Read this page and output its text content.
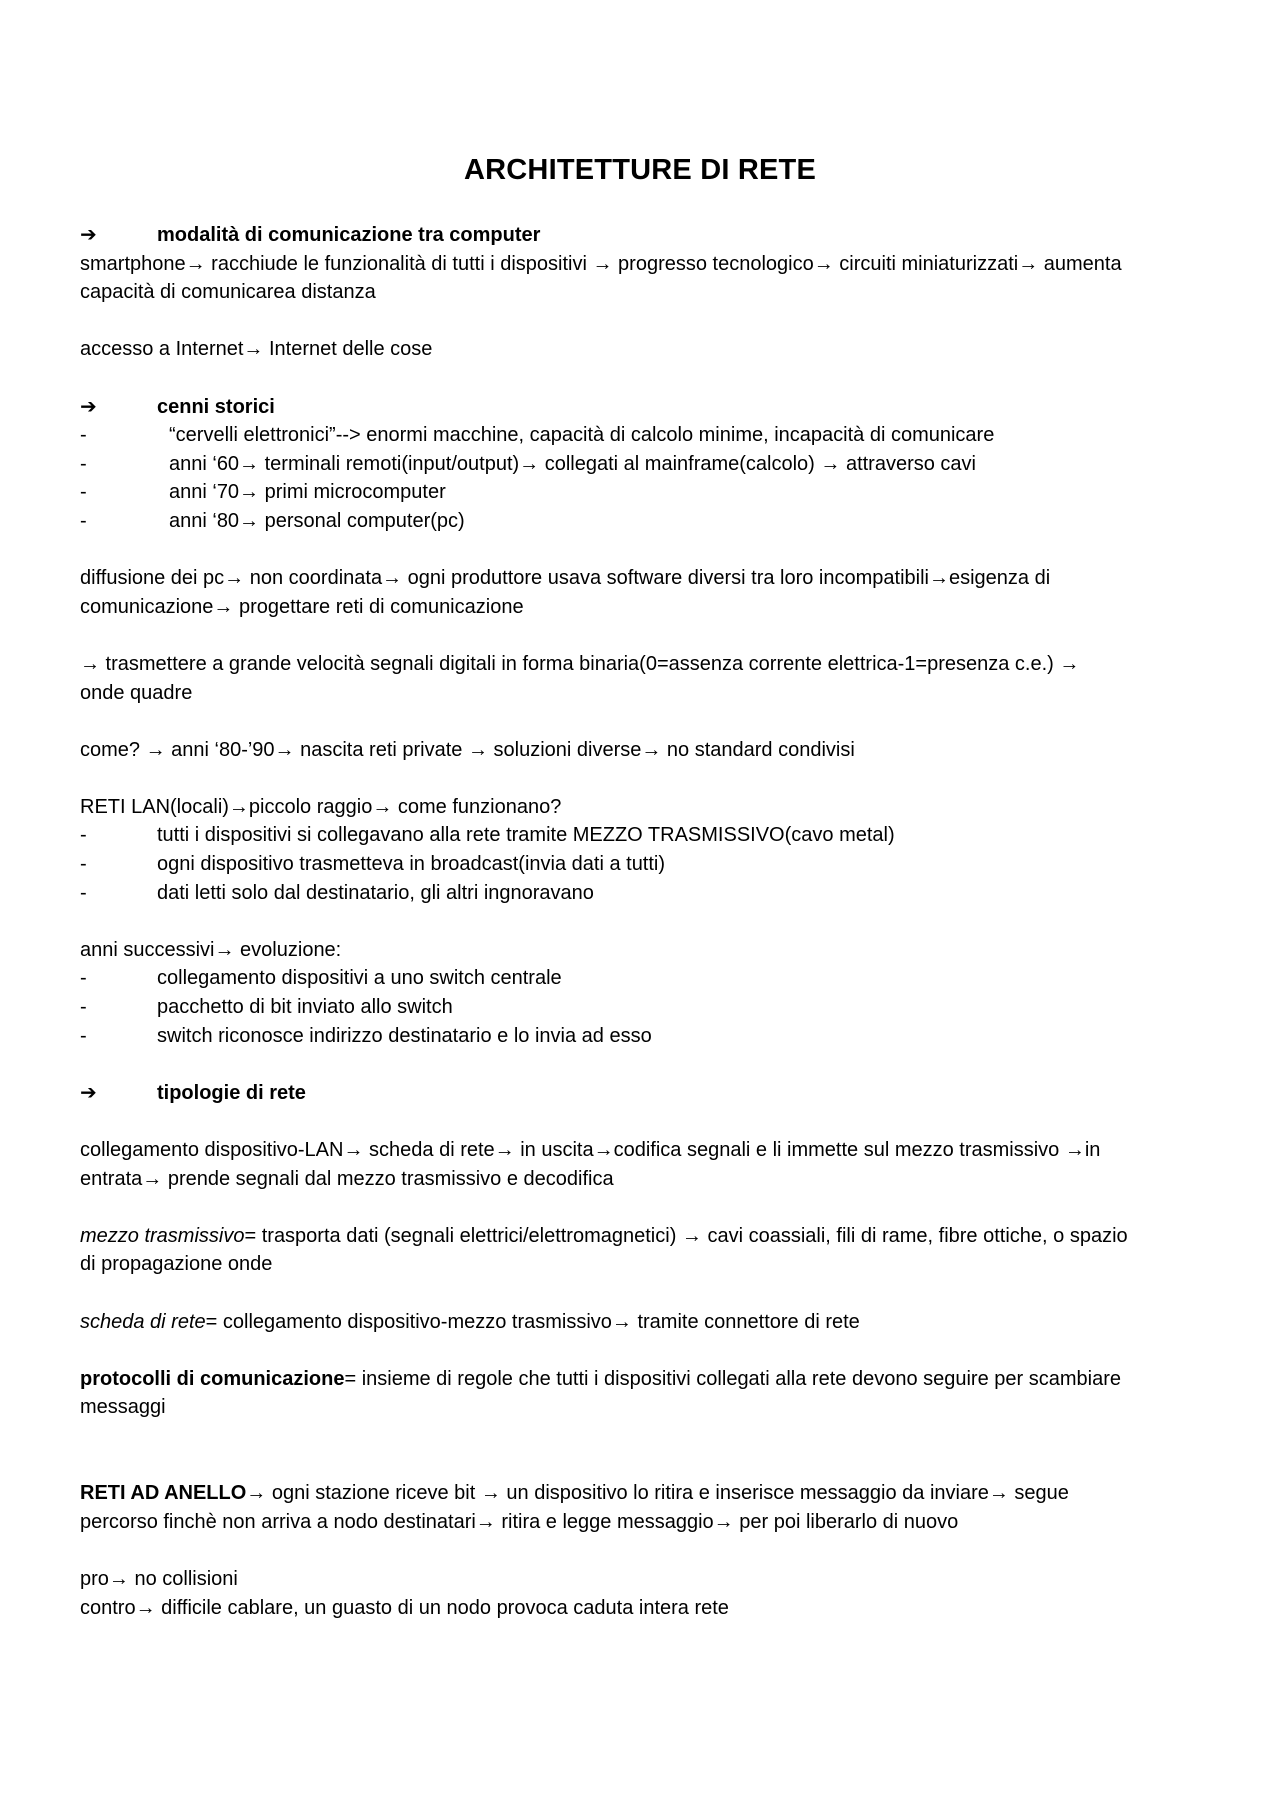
ARCHITETTURE DI RETE
➔	modalità di comunicazione tra computer
smartphone→ racchiude le funzionalità di tutti i dispositivi → progresso tecnologico→ circuiti miniaturizzati→ aumenta
capacità di comunicarea distanza
accesso a Internet→ Internet delle cose
➔	cenni storici
-	“cervelli elettronici”--> enormi macchine, capacità di calcolo minime, incapacità di comunicare
-	anni ‘60→ terminali remoti(input/output)→ collegati al mainframe(calcolo) → attraverso cavi
-	anni ‘70→ primi microcomputer
-	anni ‘80→ personal computer(pc)
diffusione dei pc→ non coordinata→ ogni produttore usava software diversi tra loro incompatibili→esigenza di
comunicazione→ progettare reti di comunicazione
→ trasmettere a grande velocità segnali digitali in forma binaria(0=assenza corrente elettrica-1=presenza c.e.) →
onde quadre
come? → anni ‘80-’90→ nascita reti private → soluzioni diverse→ no standard condivisi
RETI LAN(locali)→piccolo raggio→ come funzionano?
-	tutti i dispositivi si collegavano alla rete tramite MEZZO TRASMISSIVO(cavo metal)
-	ogni dispositivo trasmetteva in broadcast(invia dati a tutti)
-	dati letti solo dal destinatario, gli altri ingnoravano
anni successivi→ evoluzione:
-	collegamento dispositivi a uno switch centrale
-	pacchetto di bit inviato allo switch
-	switch riconosce indirizzo destinatario e lo invia ad esso
➔	tipologie di rete
collegamento dispositivo-LAN→ scheda di rete→ in uscita→codifica segnali e li immette sul mezzo trasmissivo →in
entrata→ prende segnali dal mezzo trasmissivo e decodifica
mezzo trasmissivo= trasporta dati (segnali elettrici/elettromagnetici) → cavi coassiali, fili di rame, fibre ottiche, o spazio
di propagazione onde
scheda di rete= collegamento dispositivo-mezzo trasmissivo→ tramite connettore di rete
protocolli di comunicazione= insieme di regole che tutti i dispositivi collegati alla rete devono seguire per scambiare
messaggi
RETI AD ANELLO→ ogni stazione riceve bit → un dispositivo lo ritira e inserisce messaggio da inviare→ segue
percorso finchè non arriva a nodo destinatari→ ritira e legge messaggio→ per poi liberarlo di nuovo
pro→ no collisioni
contro→ difficile cablare, un guasto di un nodo provoca caduta intera rete
